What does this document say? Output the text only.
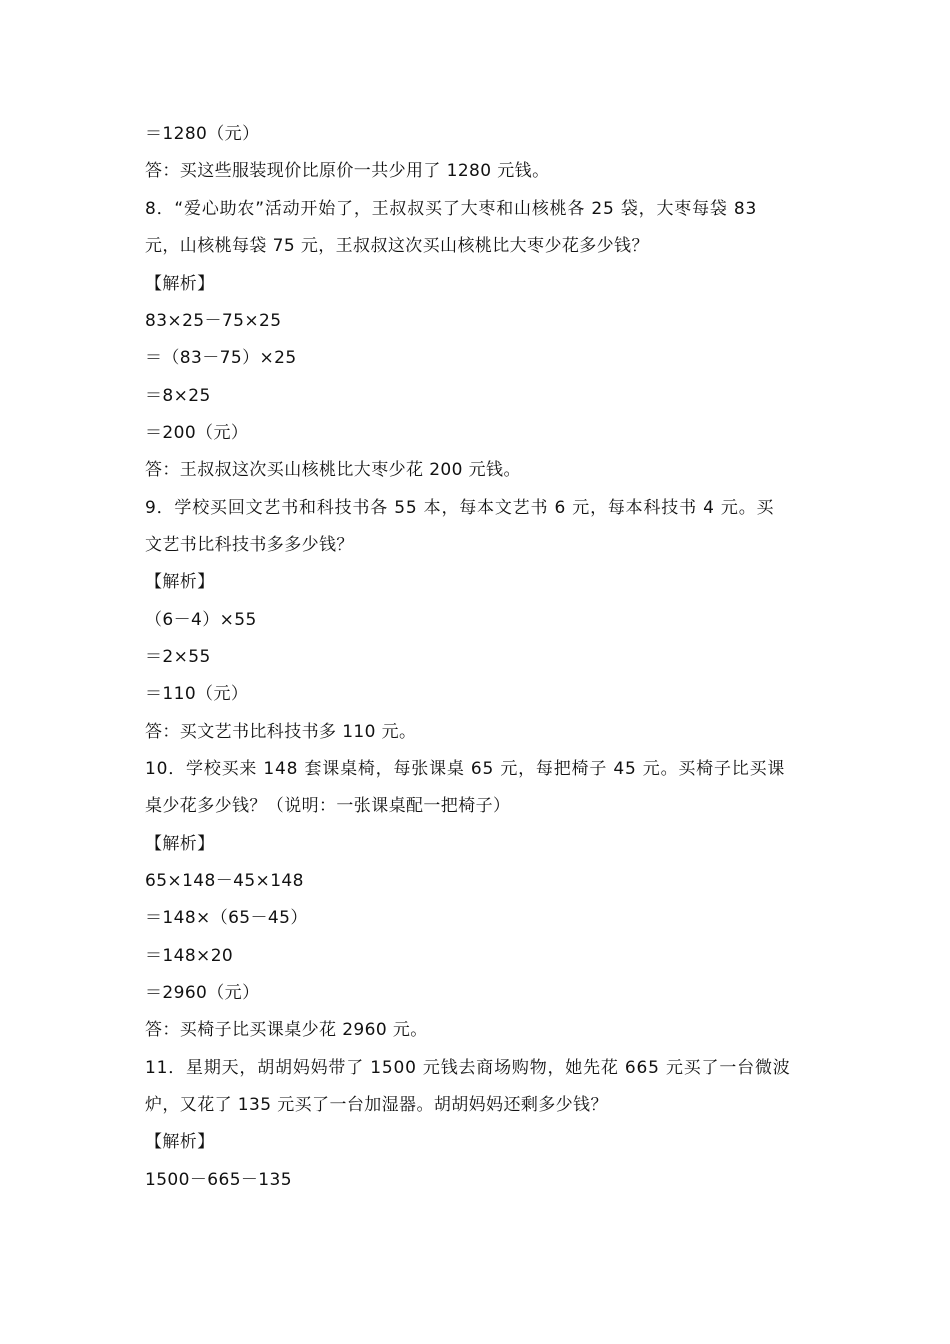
＝1280（元）
答：买这些服装现价比原价一共少用了 1280 元钱。
8．“爱心助农”活动开始了，王叔叔买了大枣和山核桃各 25 袋，大枣每袋 83
元，山核桃每袋 75 元，王叔叔这次买山核桃比大枣少花多少钱？
【解析】
83×25－75×25
＝（83－75）×25
＝8×25
＝200（元）
答：王叔叔这次买山核桃比大枣少花 200 元钱。
9．学校买回文艺书和科技书各 55 本，每本文艺书 6 元，每本科技书 4 元。买
文艺书比科技书多多少钱？
【解析】
（6－4）×55
＝2×55
＝110（元）
答：买文艺书比科技书多 110 元。
10．学校买来 148 套课桌椅，每张课桌 65 元，每把椅子 45 元。买椅子比买课
桌少花多少钱？（说明：一张课桌配一把椅子）
【解析】
65×148－45×148
＝148×（65－45）
＝148×20
＝2960（元）
答：买椅子比买课桌少花 2960 元。
11．星期天，胡胡妈妈带了 1500 元钱去商场购物，她先花 665 元买了一台微波
炉，又花了 135 元买了一台加湿器。胡胡妈妈还剩多少钱？
【解析】
1500－665－135
